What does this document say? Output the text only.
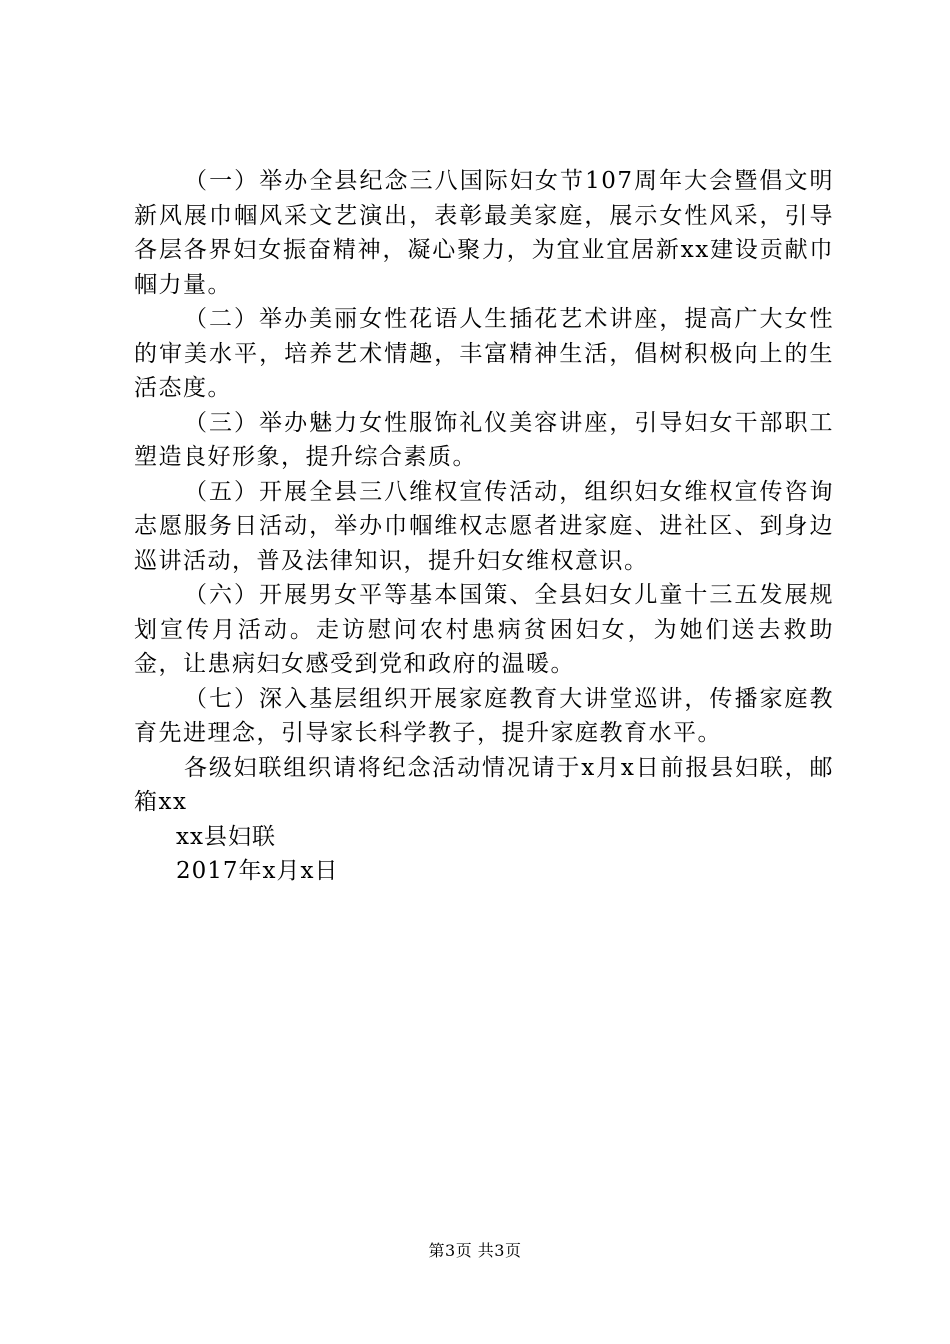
（一）举办全县纪念三八国际妇女节107周年大会暨倡文明新风展巾帼风采文艺演出，表彰最美家庭，展示女性风采，引导各层各界妇女振奋精神，凝心聚力，为宜业宜居新xx建设贡献巾帼力量。

（二）举办美丽女性花语人生插花艺术讲座，提高广大女性的审美水平，培养艺术情趣，丰富精神生活，倡树积极向上的生活态度。

（三）举办魅力女性服饰礼仪美容讲座，引导妇女干部职工塑造良好形象，提升综合素质。

（五）开展全县三八维权宣传活动，组织妇女维权宣传咨询志愿服务日活动，举办巾帼维权志愿者进家庭、进社区、到身边巡讲活动，普及法律知识，提升妇女维权意识。

（六）开展男女平等基本国策、全县妇女儿童十三五发展规划宣传月活动。走访慰问农村患病贫困妇女，为她们送去救助金，让患病妇女感受到党和政府的温暖。

（七）深入基层组织开展家庭教育大讲堂巡讲，传播家庭教育先进理念，引导家长科学教子，提升家庭教育水平。

各级妇联组织请将纪念活动情况请于x月x日前报县妇联，邮箱xx

xx县妇联

2017年x月x日

第3页 共3页
